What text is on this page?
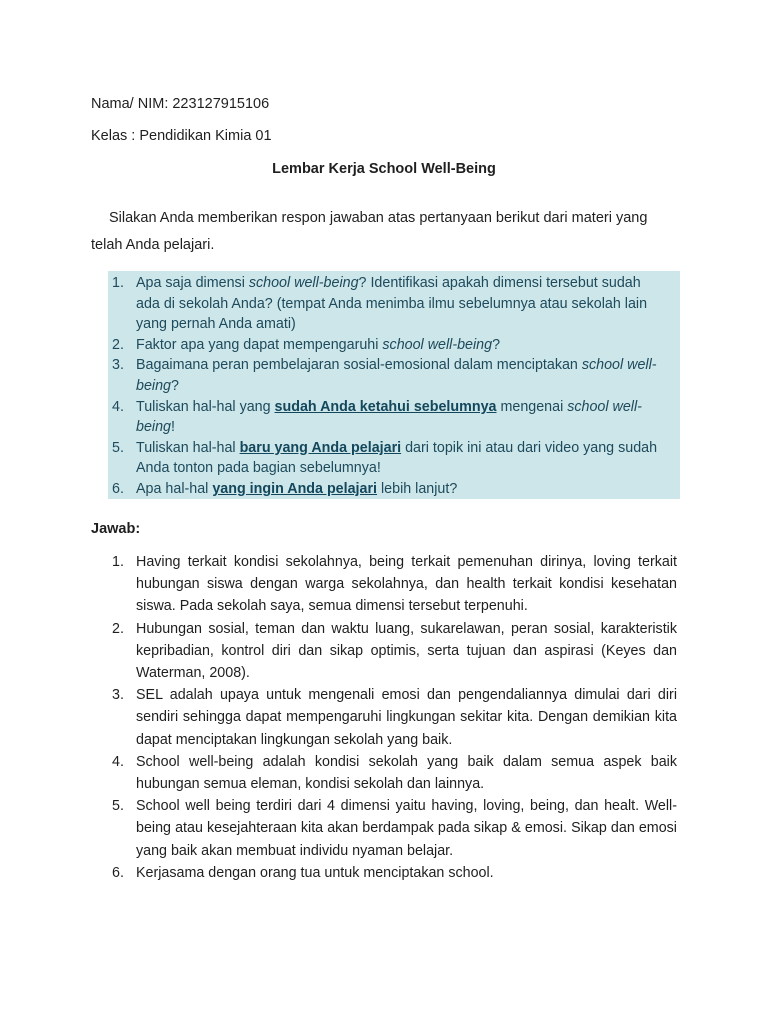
Nama/ NIM: 223127915106
Kelas : Pendidikan Kimia 01
Lembar Kerja School Well-Being

Silakan Anda memberikan respon jawaban atas pertanyaan berikut dari materi yang telah Anda pelajari.

1. Apa saja dimensi school well-being? Identifikasi apakah dimensi tersebut sudah ada di sekolah Anda? (tempat Anda menimba ilmu sebelumnya atau sekolah lain yang pernah Anda amati)
2. Faktor apa yang dapat mempengaruhi school well-being?
3. Bagaimana peran pembelajaran sosial-emosional dalam menciptakan school well-being?
4. Tuliskan hal-hal yang sudah Anda ketahui sebelumnya mengenai school well-being!
5. Tuliskan hal-hal baru yang Anda pelajari dari topik ini atau dari video yang sudah Anda tonton pada bagian sebelumnya!
6. Apa hal-hal yang ingin Anda pelajari lebih lanjut?
Jawab:
1. Having terkait kondisi sekolahnya, being terkait pemenuhan dirinya, loving terkait hubungan siswa dengan warga sekolahnya, dan health terkait kondisi kesehatan siswa. Pada sekolah saya, semua dimensi tersebut terpenuhi.
2. Hubungan sosial, teman dan waktu luang, sukarelawan, peran sosial, karakteristik kepribadian, kontrol diri dan sikap optimis, serta tujuan dan aspirasi (Keyes dan Waterman, 2008).
3. SEL adalah upaya untuk mengenali emosi dan pengendaliannya dimulai dari diri sendiri sehingga dapat mempengaruhi lingkungan sekitar kita. Dengan demikian kita dapat menciptakan lingkungan sekolah yang baik.
4. School well-being adalah kondisi sekolah yang baik dalam semua aspek baik hubungan semua eleman, kondisi sekolah dan lainnya.
5. School well being terdiri dari 4 dimensi yaitu having, loving, being, dan healt. Well-being atau kesejahteraan kita akan berdampak pada sikap & emosi. Sikap dan emosi yang baik akan membuat individu nyaman belajar.
6. Kerjasama dengan orang tua untuk menciptakan school.
